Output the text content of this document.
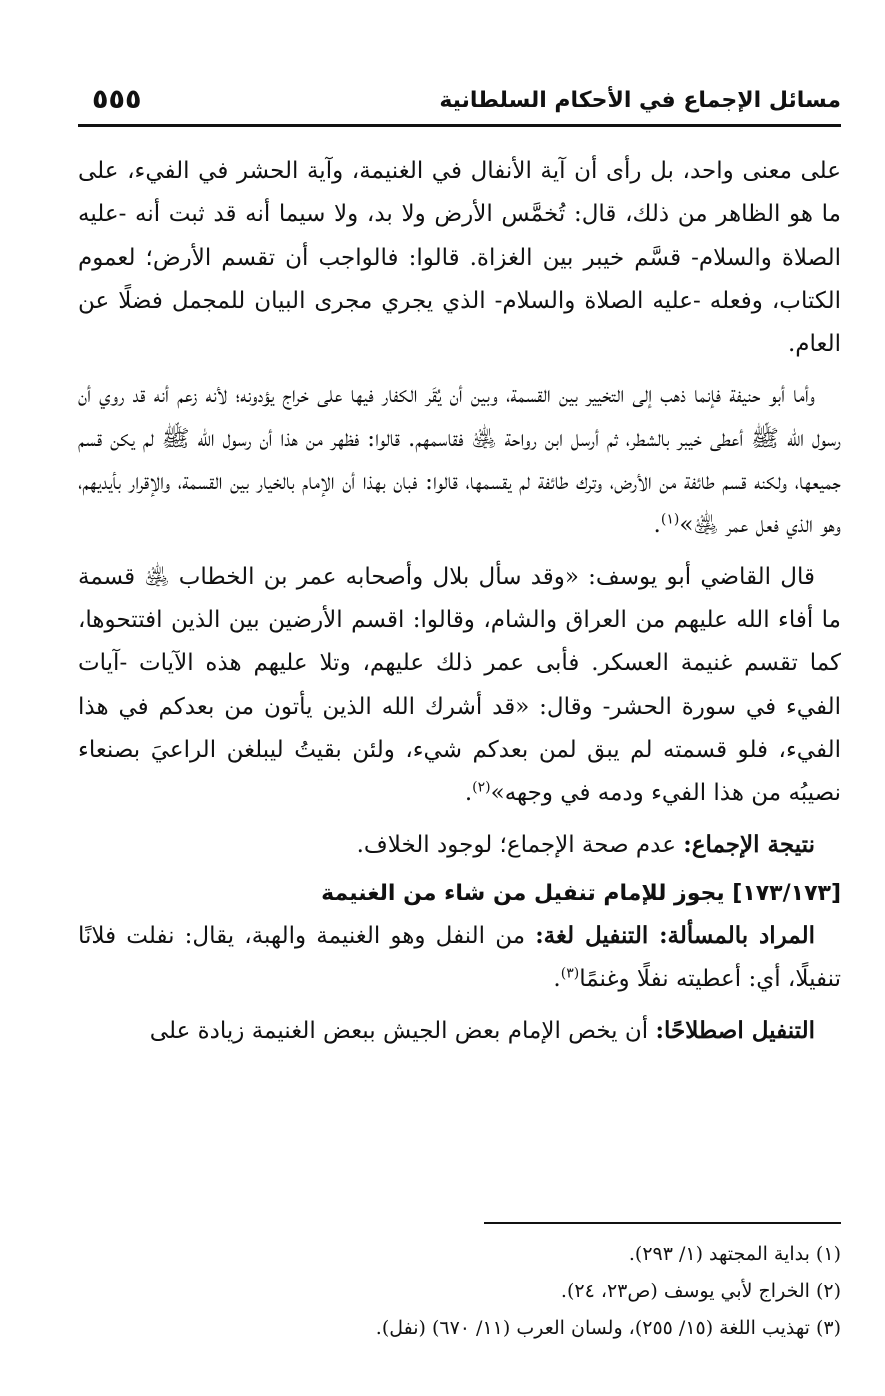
مسائل الإجماع في الأحكام السلطانية
٥٥٥

على معنى واحد، بل رأى أن آية الأنفال في الغنيمة، وآية الحشر في الفيء، على ما هو الظاهر من ذلك، قال: تُخمَّس الأرض ولا بد، ولا سيما أنه قد ثبت أنه -عليه الصلاة والسلام- قسَّم خيبر بين الغزاة. قالوا: فالواجب أن تقسم الأرض؛ لعموم الكتاب، وفعله -عليه الصلاة والسلام- الذي يجري مجرى البيان للمجمل فضلًا عن العام.

وأما أبو حنيفة فإنما ذهب إلى التخيير بين القسمة، وبين أن يُقَر الكفار فيها على خراج يؤدونه؛ لأنه زعم أنه قد روي أن رسول الله ﷺ أعطى خيبر بالشطر، ثم أرسل ابن رواحة ﵁ فقاسمهم. قالوا: فظهر من هذا أن رسول الله ﷺ لم يكن قسم جميعها، ولكنه قسم طائفة من الأرض، وترك طائفة لم يقسمها، قالوا: فبان بهذا أن الإمام بالخيار بين القسمة، والإقرار بأيديهم، وهو الذي فعل عمر ﵁»$^{(١)}$.

قال القاضي أبو يوسف: «وقد سأل بلال وأصحابه عمر بن الخطاب ﵁ قسمة ما أفاء الله عليهم من العراق والشام، وقالوا: اقسم الأرضين بين الذين افتتحوها، كما تقسم غنيمة العسكر. فأبى عمر ذلك عليهم، وتلا عليهم هذه الآيات -آيات الفيء في سورة الحشر- وقال: «قد أشرك الله الذين يأتون من بعدكم في هذا الفيء، فلو قسمته لم يبق لمن بعدكم شيء، ولئن بقيتُ ليبلغن الراعيَ بصنعاء نصيبُه من هذا الفيء ودمه في وجهه»$^{(٢)}$.

نتيجة الإجماع: عدم صحة الإجماع؛ لوجود الخلاف.

[١٧٣/١٧٣] يجوز للإمام تنفيل من شاء من الغنيمة

المراد بالمسألة: التنفيل لغة: من النفل وهو الغنيمة والهبة، يقال: نفلت فلانًا تنفيلًا، أي: أعطيته نفلًا وغنمًا$^{(٣)}$.

التنفيل اصطلاحًا: أن يخص الإمام بعض الجيش ببعض الغنيمة زيادة على

(١) بداية المجتهد (١/ ٢٩٣).

(٢) الخراج لأبي يوسف (ص٢٣، ٢٤).

(٣) تهذيب اللغة (١٥/ ٢٥٥)، ولسان العرب (١١/ ٦٧٠) (نفل).
